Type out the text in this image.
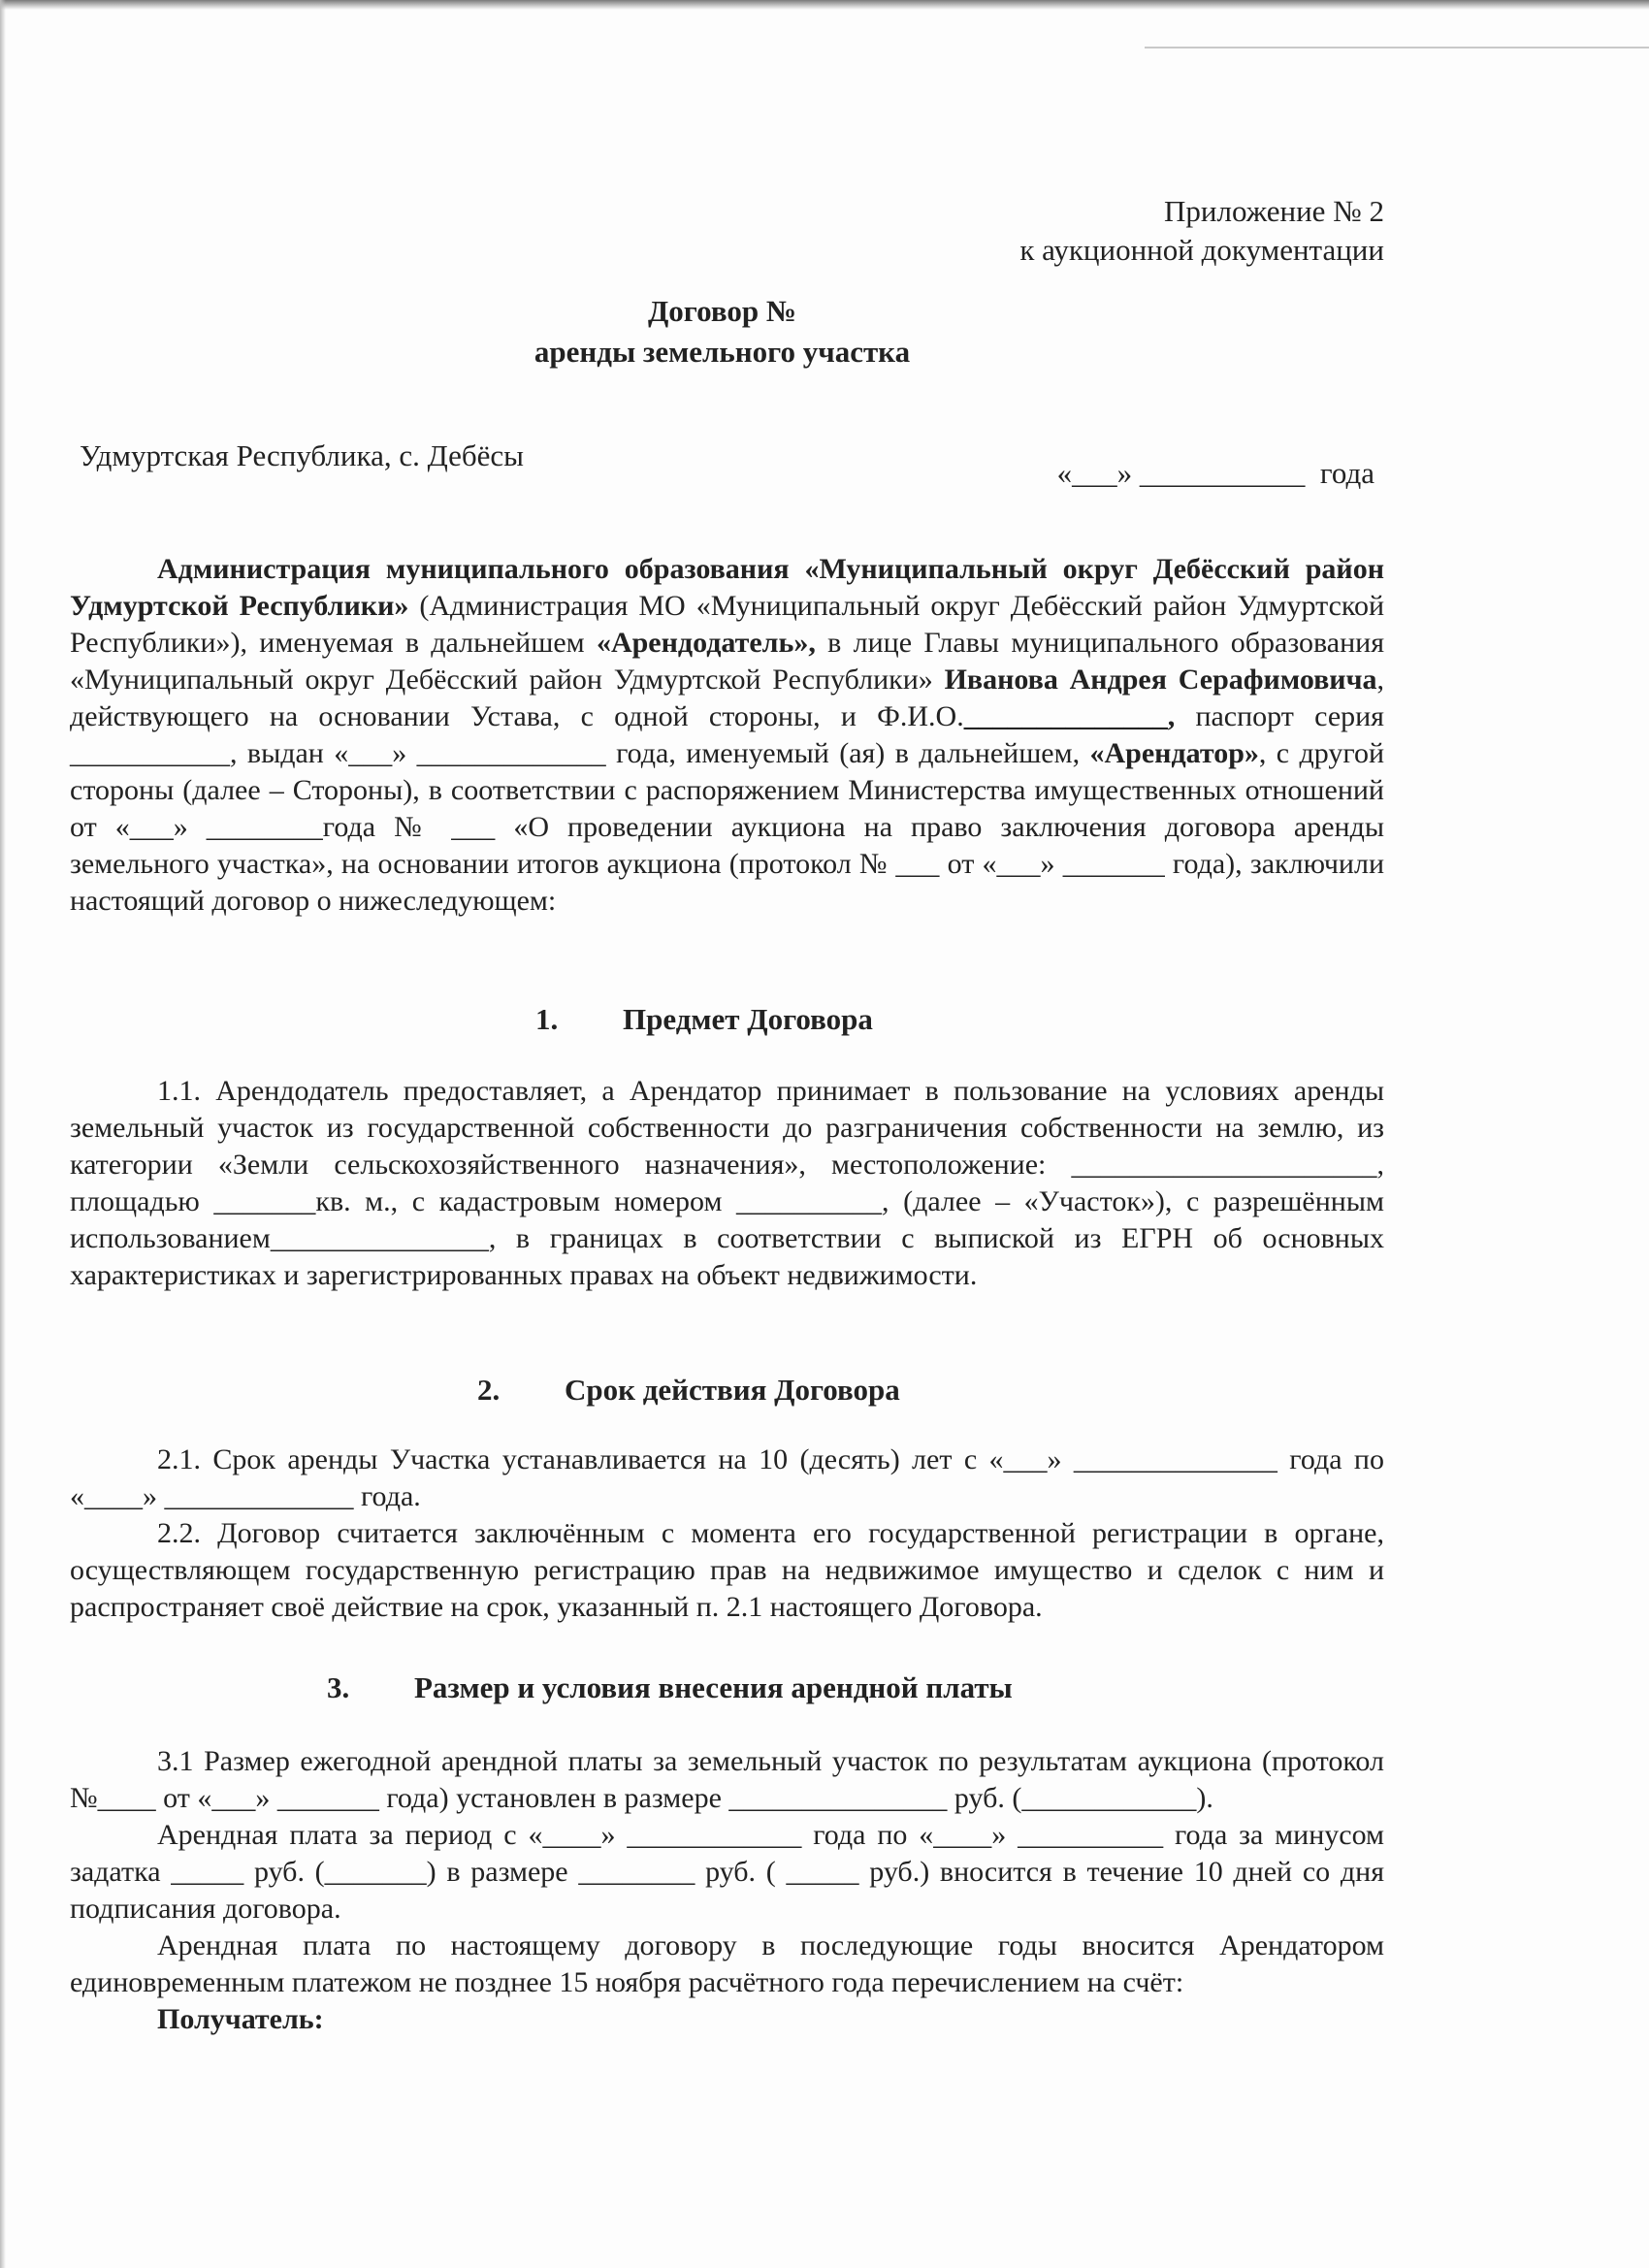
Приложение № 2
к аукционной документации
Договор №
аренды земельного участка
Удмуртская Республика, с. Дебёсы
«___» ___________  года

Администрация муниципального образования «Муниципальный округ Дебёсский район Удмуртской Республики» (Администрация МО «Муниципальный округ Дебёсский район Удмуртской Республики»), именуемая в дальнейшем «Арендодатель», в лице Главы муниципального образования «Муниципальный округ Дебёсский район Удмуртской Республики» Иванова Андрея Серафимовича, действующего на основании Устава, с одной стороны, и Ф.И.О.______________, паспорт серия ___________, выдан «___» _____________ года, именуемый (ая) в дальнейшем, «Арендатор», с другой стороны (далее – Стороны), в соответствии с распоряжением Министерства имущественных отношений от «___» ________года № ___ «О проведении аукциона на право заключения договора аренды земельного участка», на основании итогов аукциона (протокол № ___ от «___» _______ года), заключили настоящий договор о нижеследующем:

1. Предмет Договора

1.1. Арендодатель предоставляет, а Арендатор принимает в пользование на условиях аренды земельный участок из государственной собственности до разграничения собственности на землю, из категории «Земли сельскохозяйственного назначения», местоположение: _____________________, площадью _______кв. м., с кадастровым номером __________, (далее – «Участок»), с разрешённым использованием_______________, в границах в соответствии с выпиской из ЕГРН об основных характеристиках и зарегистрированных правах на объект недвижимости.

2. Срок действия Договора

2.1. Срок аренды Участка устанавливается на 10 (десять) лет с «___» ______________ года по «____» _____________ года.

2.2. Договор считается заключённым с момента его государственной регистрации в органе, осуществляющем государственную регистрацию прав на недвижимое имущество и сделок с ним и распространяет своё действие на срок, указанный п. 2.1 настоящего Договора.

3. Размер и условия внесения арендной платы

3.1 Размер ежегодной арендной платы за земельный участок по результатам аукциона (протокол №____ от «___» _______ года) установлен в размере _______________ руб. (____________).

Арендная плата за период с «____» ____________ года по «____» __________ года за минусом задатка _____ руб. (_______) в размере ________ руб. ( _____ руб.) вносится в течение 10 дней со дня подписания договора.

Арендная плата по настоящему договору в последующие годы вносится Арендатором единовременным платежом не позднее 15 ноября расчётного года перечислением на счёт:

Получатель:
